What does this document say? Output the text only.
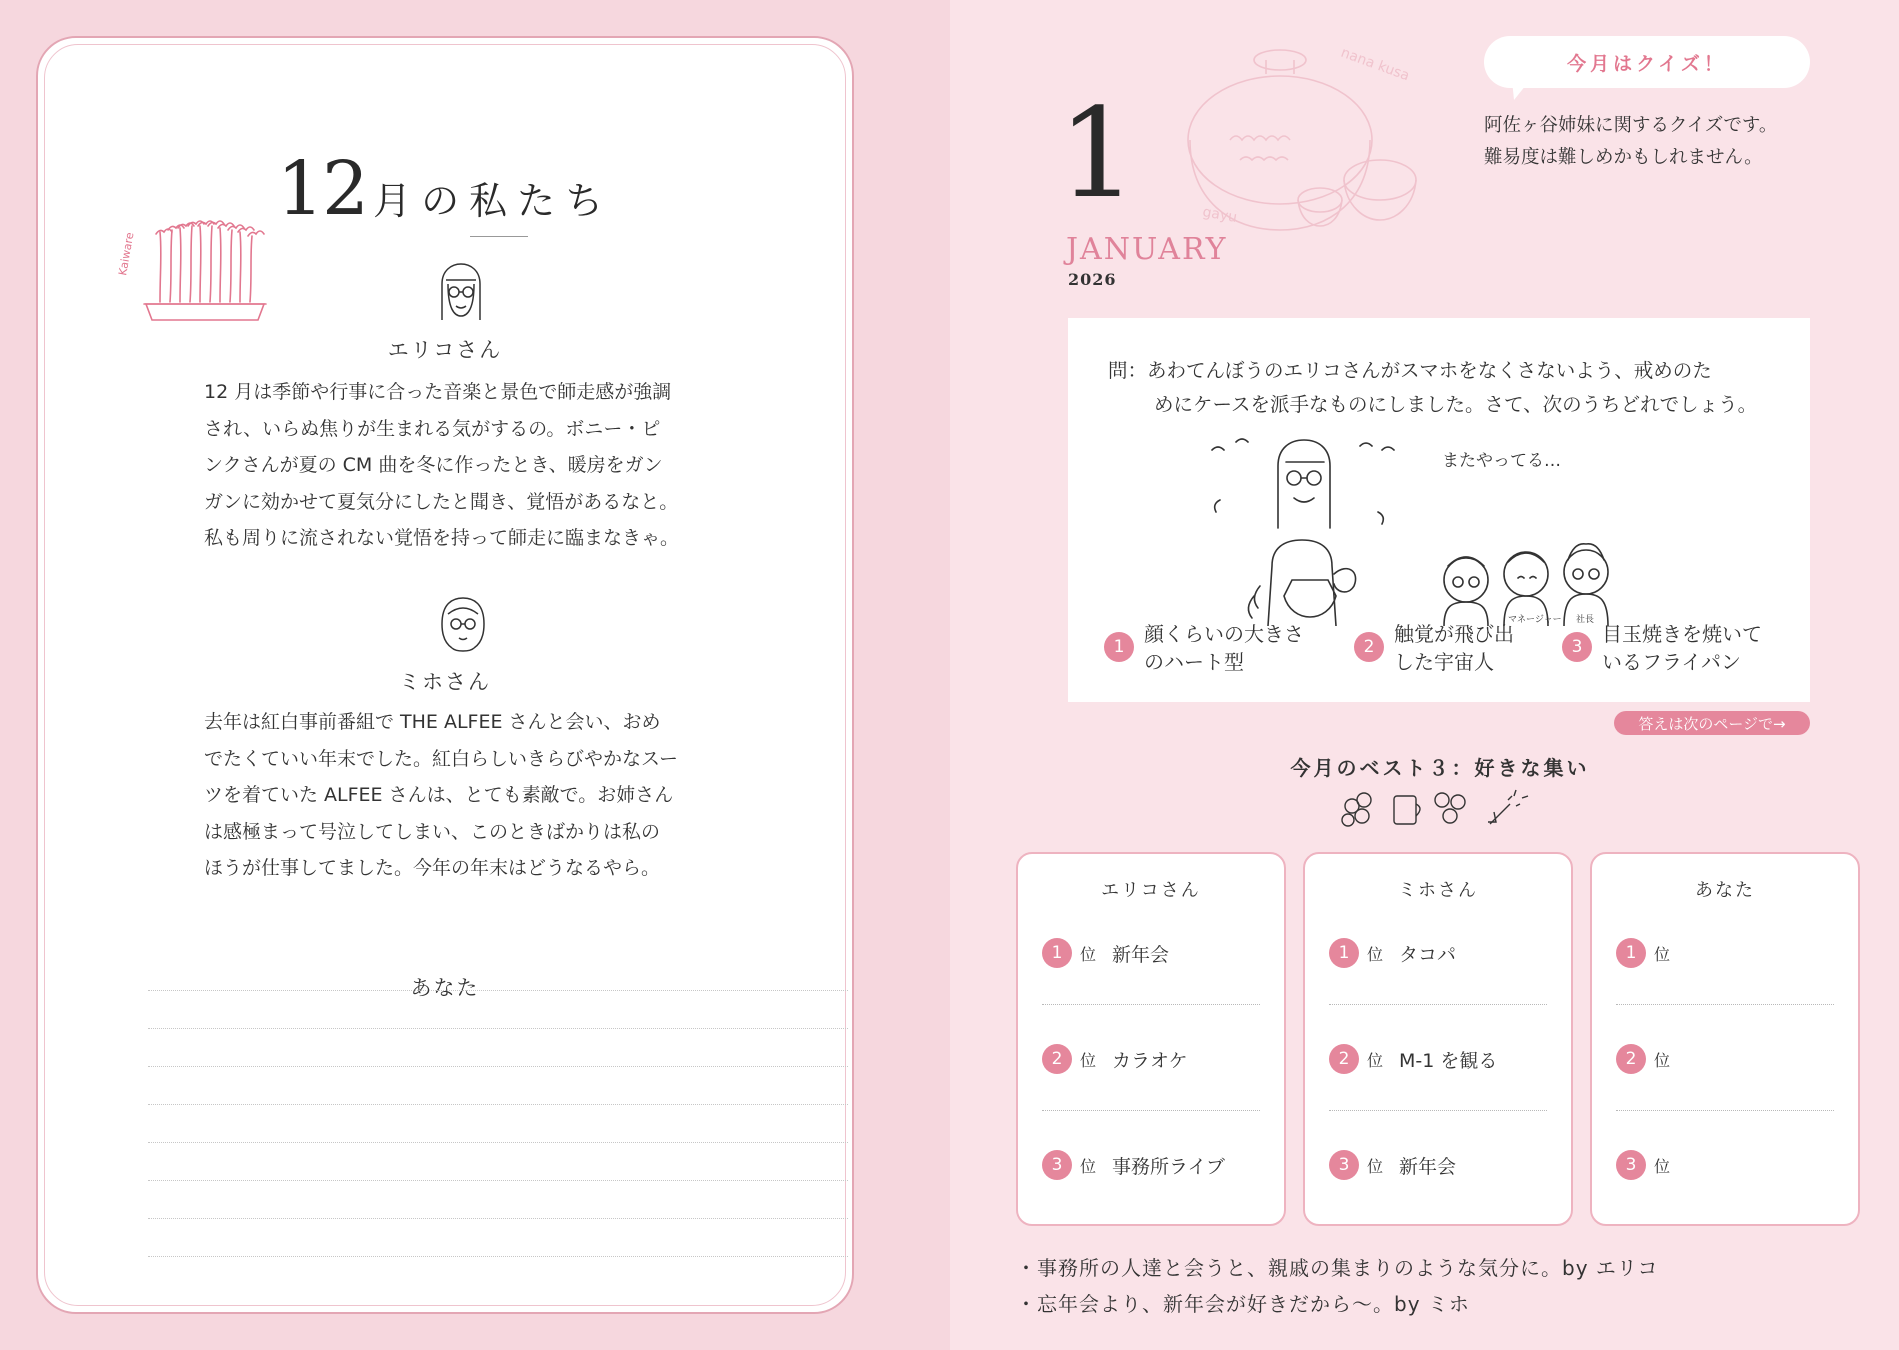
12 月の私たち
Kaiware
エリコさん

12 月は季節や行事に合った音楽と景色で師走感が強調

され、いらぬ焦りが生まれる気がするの。ボニー・ピ

ンクさんが夏の CM 曲を冬に作ったとき、暖房をガン

ガンに効かせて夏気分にしたと聞き、覚悟があるなと。

私も周りに流されない覚悟を持って師走に臨まなきゃ。

ミホさん

去年は紅白事前番組で THE ALFEE さんと会い、おめ

でたくていい年末でした。紅白らしいきらびやかなスー

ツを着ていた ALFEE さんは、とても素敵で。お姉さん

は感極まって号泣してしまい、このときばかりは私の

ほうが仕事してました。今年の年末はどうなるやら。

あなた
nana kusa
gayu
1
JANUARY
2026
今月はクイズ！

阿佐ヶ谷姉妹に関するクイズです。

難易度は難しめかもしれません。

問：あわてんぼうのエリコさんがスマホをなくさないよう、戒めのた
めにケースを派手なものにしました。さて、次のうちどれでしょう。
またやってる…
マネージャー 社長
1
顔くらいの大きさ
のハート型
2
触覚が飛び出
した宇宙人
3
目玉焼きを焼いて
いるフライパン
答えは次のページで→
今月のベスト３：好きな集い
エリコさん
1	位 新年会
2	位 カラオケ
3	位 事務所ライブ
ミホさん
1	位 タコパ
2	位 M-1 を観る
3	位 新年会
あなた
1	位
2	位
3	位
・事務所の人達と会うと、親戚の集まりのような気分に。by エリコ
・忘年会より、新年会が好きだから〜。by ミホ
